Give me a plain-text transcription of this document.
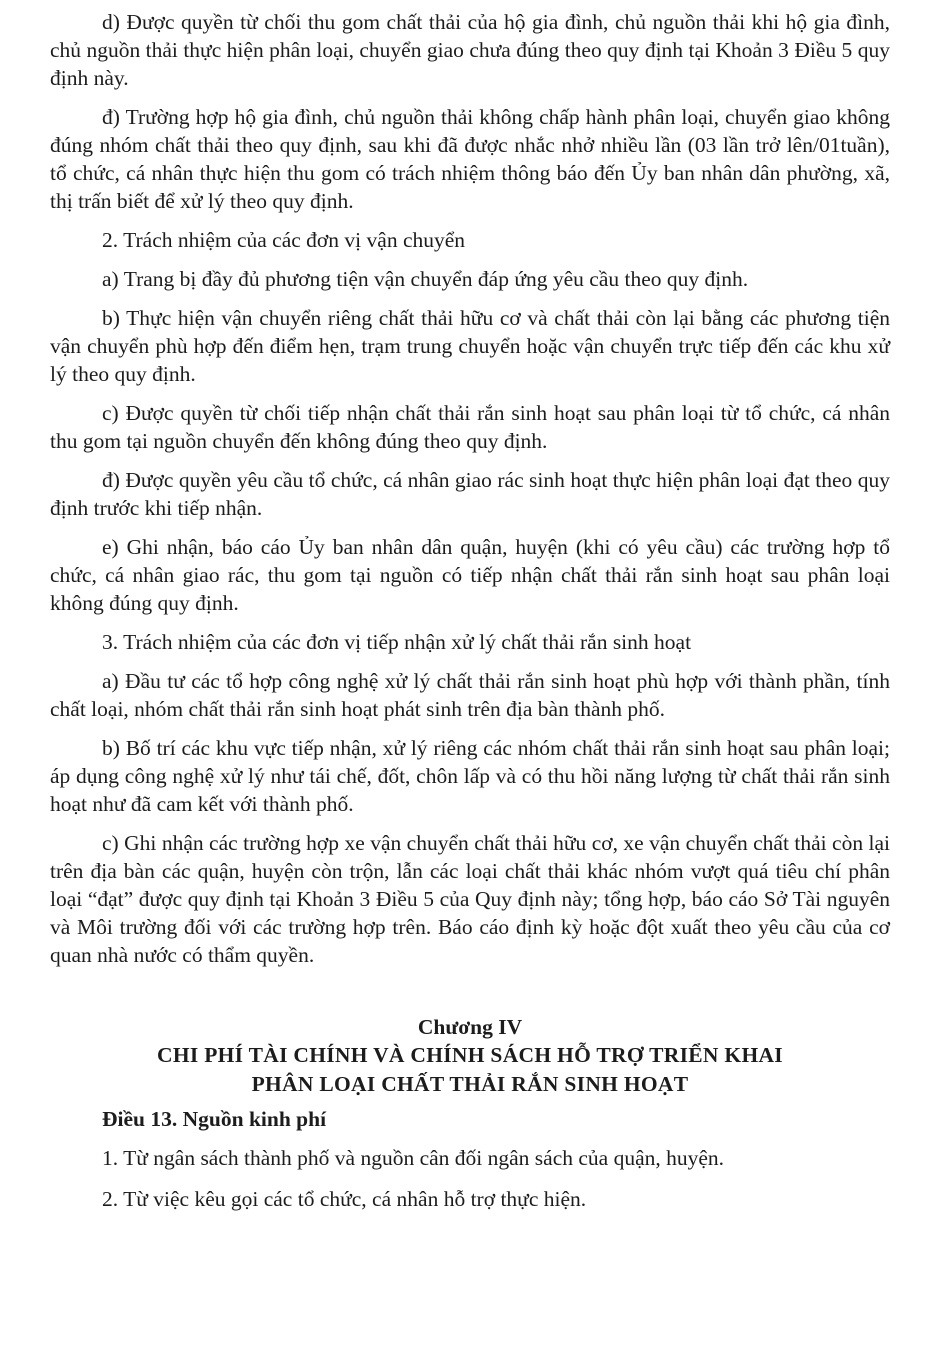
d) Được quyền từ chối thu gom chất thải của hộ gia đình, chủ nguồn thải khi hộ gia đình, chủ nguồn thải thực hiện phân loại, chuyển giao chưa đúng theo quy định tại Khoản 3 Điều 5 quy định này.

đ) Trường hợp hộ gia đình, chủ nguồn thải không chấp hành phân loại, chuyển giao không đúng nhóm chất thải theo quy định, sau khi đã được nhắc nhở nhiều lần (03 lần trở lên/01tuần), tổ chức, cá nhân thực hiện thu gom có trách nhiệm thông báo đến Ủy ban nhân dân phường, xã, thị trấn biết để xử lý theo quy định.

2. Trách nhiệm của các đơn vị vận chuyển

a) Trang bị đầy đủ phương tiện vận chuyển đáp ứng yêu cầu theo quy định.

b) Thực hiện vận chuyển riêng chất thải hữu cơ và chất thải còn lại bằng các phương tiện vận chuyển phù hợp đến điểm hẹn, trạm trung chuyển hoặc vận chuyển trực tiếp đến các khu xử lý theo quy định.

c) Được quyền từ chối tiếp nhận chất thải rắn sinh hoạt sau phân loại từ tổ chức, cá nhân thu gom tại nguồn chuyển đến không đúng theo quy định.

đ) Được quyền yêu cầu tổ chức, cá nhân giao rác sinh hoạt thực hiện phân loại đạt theo quy định trước khi tiếp nhận.

e) Ghi nhận, báo cáo Ủy ban nhân dân quận, huyện (khi có yêu cầu) các trường hợp tổ chức, cá nhân giao rác, thu gom tại nguồn có tiếp nhận chất thải rắn sinh hoạt sau phân loại không đúng quy định.

3. Trách nhiệm của các đơn vị tiếp nhận xử lý chất thải rắn sinh hoạt

a) Đầu tư các tổ hợp công nghệ xử lý chất thải rắn sinh hoạt phù hợp với thành phần, tính chất loại, nhóm chất thải rắn sinh hoạt phát sinh trên địa bàn thành phố.

b) Bố trí các khu vực tiếp nhận, xử lý riêng các nhóm chất thải rắn sinh hoạt sau phân loại; áp dụng công nghệ xử lý như tái chế, đốt, chôn lấp và có thu hồi năng lượng từ chất thải rắn sinh hoạt như đã cam kết với thành phố.

c) Ghi nhận các trường hợp xe vận chuyển chất thải hữu cơ, xe vận chuyển chất thải còn lại trên địa bàn các quận, huyện còn trộn, lẫn các loại chất thải khác nhóm vượt quá tiêu chí phân loại “đạt” được quy định tại Khoản 3 Điều 5 của Quy định này; tổng hợp, báo cáo Sở Tài nguyên và Môi trường đối với các trường hợp trên. Báo cáo định kỳ hoặc đột xuất theo yêu cầu của cơ quan nhà nước có thẩm quyền.

Chương IV

CHI PHÍ TÀI CHÍNH VÀ CHÍNH SÁCH HỖ TRỢ TRIỂN KHAI

PHÂN LOẠI CHẤT THẢI RẮN SINH HOẠT

Điều 13. Nguồn kinh phí

1. Từ ngân sách thành phố và nguồn cân đối ngân sách của quận, huyện.

2. Từ việc kêu gọi các tổ chức, cá nhân hỗ trợ thực hiện.
